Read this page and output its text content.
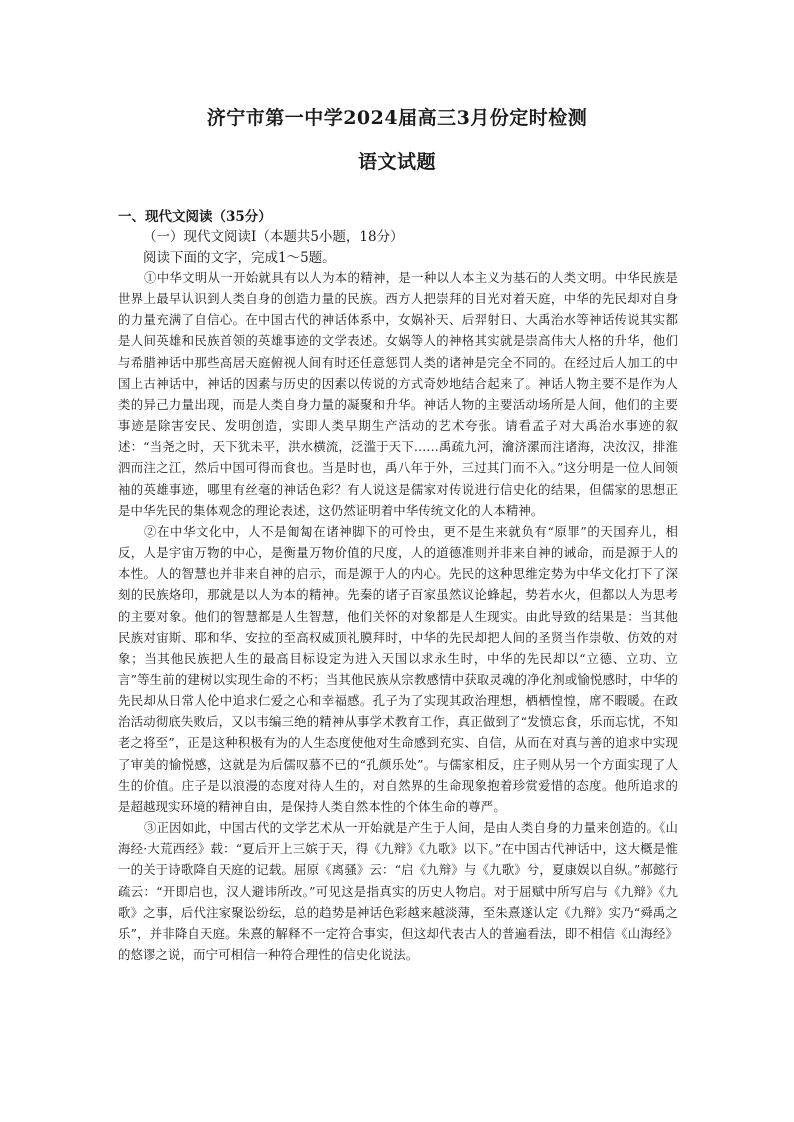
济宁市第一中学2024届高三3月份定时检测
语文试题
一、现代文阅读（35分）
（一）现代文阅读Ⅰ（本题共5小题，18分）
阅读下面的文字，完成1～5题。

①中华文明从一开始就具有以人为本的精神，是一种以人本主义为基石的人类文明。中华民族是世界上最早认识到人类自身的创造力量的民族。西方人把崇拜的目光对着天庭，中华的先民却对自身的力量充满了自信心。在中国古代的神话体系中，女娲补天、后羿射日、大禹治水等神话传说其实都是人间英雄和民族首领的英雄事迹的文学表述。女娲等人的神格其实就是崇高伟大人格的升华，他们与希腊神话中那些高居天庭俯视人间有时还任意惩罚人类的诸神是完全不同的。在经过后人加工的中国上古神话中，神话的因素与历史的因素以传说的方式奇妙地结合起来了。神话人物主要不是作为人类的异己力量出现，而是人类自身力量的凝聚和升华。神话人物的主要活动场所是人间，他们的主要事迹是除害安民、发明创造，实即人类早期生产活动的艺术夸张。请看孟子对大禹治水事迹的叙述：“当尧之时，天下犹未平，洪水横流，泛滥于天下……禹疏九河，瀹济漯而注诸海，决汝汉，排淮泗而注之江，然后中国可得而食也。当是时也，禹八年于外，三过其门而不入。”这分明是一位人间领袖的英雄事迹，哪里有丝毫的神话色彩？有人说这是儒家对传说进行信史化的结果，但儒家的思想正是中华先民的集体观念的理论表述，这仍然证明着中华传统文化的人本精神。

②在中华文化中，人不是匍匐在诸神脚下的可怜虫，更不是生来就负有“原罪”的天国弃儿，相反，人是宇宙万物的中心，是衡量万物价值的尺度，人的道德准则并非来自神的诫命，而是源于人的本性。人的智慧也并非来自神的启示，而是源于人的内心。先民的这种思维定势为中华文化打下了深刻的民族烙印，那就是以人为本的精神。先秦的诸子百家虽然议论蜂起，势若水火，但都以人为思考的主要对象。他们的智慧都是人生智慧，他们关怀的对象都是人生现实。由此导致的结果是：当其他民族对宙斯、耶和华、安拉的至高权威顶礼膜拜时，中华的先民却把人间的圣贤当作崇敬、仿效的对象；当其他民族把人生的最高目标设定为进入天国以求永生时，中华的先民却以“立德、立功、立言”等生前的建树以实现生命的不朽；当其他民族从宗教感情中获取灵魂的净化剂或愉悦感时，中华的先民却从日常人伦中追求仁爱之心和幸福感。孔子为了实现其政治理想，栖栖惶惶，席不暇暖。在政治活动彻底失败后，又以韦编三绝的精神从事学术教育工作，真正做到了“发愤忘食，乐而忘忧，不知老之将至”，正是这种积极有为的人生态度使他对生命感到充实、自信，从而在对真与善的追求中实现了审美的愉悦感，这就是为后儒叹慕不已的“孔颜乐处”。与儒家相反，庄子则从另一个方面实现了人生的价值。庄子是以浪漫的态度对待人生的，对自然界的生命现象抱着珍赏爱惜的态度。他所追求的是超越现实环境的精神自由，是保持人类自然本性的个体生命的尊严。

③正因如此，中国古代的文学艺术从一开始就是产生于人间，是由人类自身的力量来创造的。《山海经·大荒西经》载：“夏后开上三嫔于天，得《九辩》《九歌》以下。”在中国古代神话中，这大概是惟一的关于诗歌降自天庭的记载。屈原《离骚》云：“启《九辩》与《九歌》兮，夏康娱以自纵。”郝懿行疏云：“开即启也，汉人避讳所改。”可见这是指真实的历史人物启。对于屈赋中所写启与《九辩》《九歌》之事，后代注家聚讼纷纭，总的趋势是神话色彩越来越淡薄，至朱熹遂认定《九辩》实乃“舜禹之乐”，并非降自天庭。朱熹的解释不一定符合事实，但这却代表古人的普遍看法，即不相信《山海经》的悠谬之说，而宁可相信一种符合理性的信史化说法。
